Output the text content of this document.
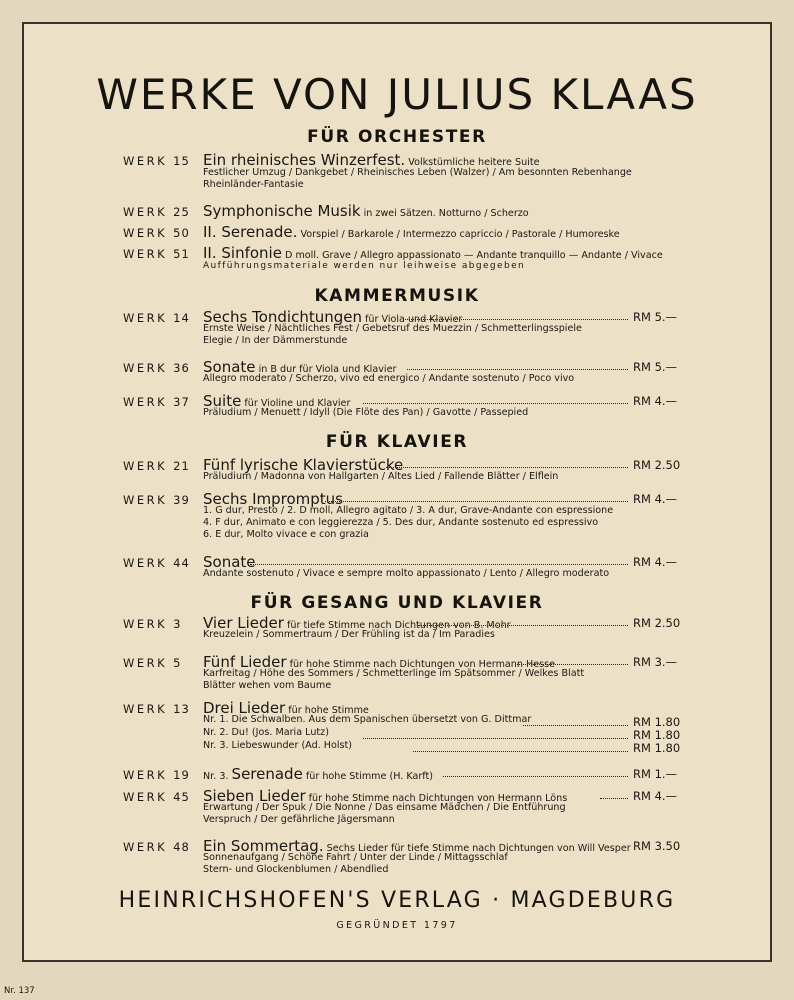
WERKE VON JULIUS KLAAS
FÜR ORCHESTER
KAMMERMUSIK
FÜR KLAVIER
FÜR GESANG UND KLAVIER
WERK 15 Ein rheinisches Winzerfest. Volkstümliche heitere Suite
Festlicher Umzug / Dankgebet / Rheinisches Leben (Walzer) / Am besonnten Rebenhange
Rheinländer-Fantasie
WERK 25 Symphonische Musik in zwei Sätzen. Notturno / Scherzo
WERK 50 II. Serenade. Vorspiel / Barkarole / Intermezzo capriccio / Pastorale / Humoreske
WERK 51 II. Sinfonie D moll. Grave / Allegro appassionato — Andante tranquillo — Andante / Vivace
Aufführungsmateriale werden nur leihweise abgegeben
WERK 14 Sechs Tondichtungen für Viola und Klavier
Ernste Weise / Nächtliches Fest / Gebetsruf des Muezzin / Schmetterlingsspiele
Elegie / In der Dämmerstunde
RM 5.—
WERK 36 Sonate in B dur für Viola und Klavier
Allegro moderato / Scherzo, vivo ed energico / Andante sostenuto / Poco vivo
RM 5.—
WERK 37 Suite für Violine und Klavier
Präludium / Menuett / Idyll (Die Flöte des Pan) / Gavotte / Passepied
RM 4.—
WERK 21 Fünf lyrische Klavierstücke
Präludium / Madonna von Hallgarten / Altes Lied / Fallende Blätter / Elflein
RM 2.50
WERK 39 Sechs Impromptus
1. G dur, Presto / 2. D moll, Allegro agitato / 3. A dur, Grave-Andante con espressione
4. F dur, Animato e con leggierezza / 5. Des dur, Andante sostenuto ed espressivo
6. E dur, Molto vivace e con grazia
RM 4.—
WERK 44 Sonate
Andante sostenuto / Vivace e sempre molto appassionato / Lento / Allegro moderato
RM 4.—
WERK 3 Vier Lieder für tiefe Stimme nach Dichtungen von B. Mohr
Kreuzelein / Sommertraum / Der Frühling ist da / Im Paradies
RM 2.50
WERK 5 Fünf Lieder für hohe Stimme nach Dichtungen von Hermann Hesse
Karfreitag / Höhe des Sommers / Schmetterlinge im Spätsommer / Welkes Blatt
Blätter wehen vom Baume
RM 3.—
WERK 13 Drei Lieder für hohe Stimme
Nr. 1. Die Schwalben. Aus dem Spanischen übersetzt von G. Dittmar	RM 1.80
Nr. 2. Du! (Jos. Maria Lutz)	RM 1.80
Nr. 3. Liebeswunder (Ad. Holst)	RM 1.80
WERK 19 Nr. 3. Serenade für hohe Stimme (H. Karft)	RM 1.—
WERK 45 Sieben Lieder für hohe Stimme nach Dichtungen von Hermann Löns
Erwartung / Der Spuk / Die Nonne / Das einsame Mädchen / Die Entführung
Verspruch / Der gefährliche Jägersmann
RM 4.—
WERK 48 Ein Sommertag. Sechs Lieder für tiefe Stimme nach Dichtungen von Will Vesper
Sonnenaufgang / Schöne Fahrt / Unter der Linde / Mittagsschlaf
Stern- und Glockenblumen / Abendlied
RM 3.50
HEINRICHSHOFEN'S VERLAG · MAGDEBURG
GEGRÜNDET 1797
Nr. 137
